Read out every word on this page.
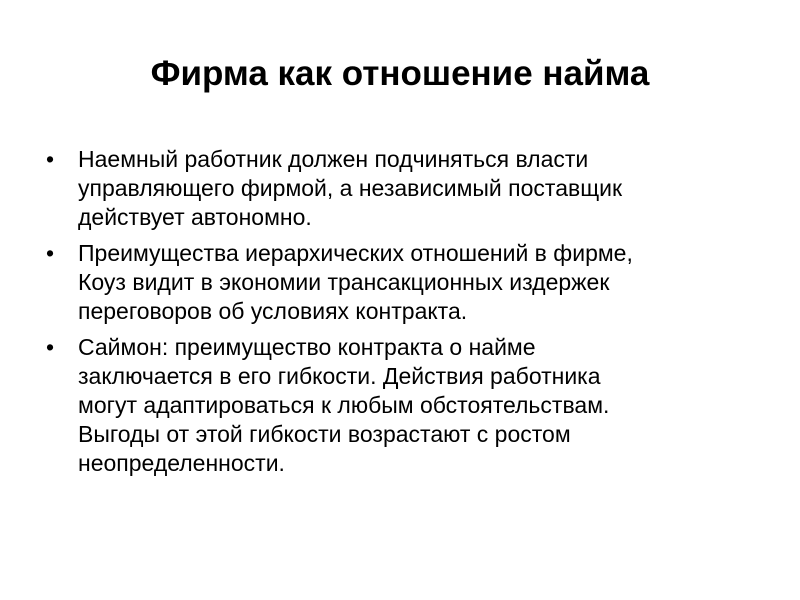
Фирма как отношение найма
• Наемный работник должен подчиняться власти
управляющего фирмой, а независимый поставщик
действует автономно.
• Преимущества иерархических отношений в фирме,
Коуз видит в экономии трансакционных издержек
переговоров об условиях контракта.
• Саймон: преимущество контракта о найме
заключается в его гибкости. Действия работника
могут адаптироваться к любым обстоятельствам.
Выгоды от этой гибкости возрастают с ростом
неопределенности.
